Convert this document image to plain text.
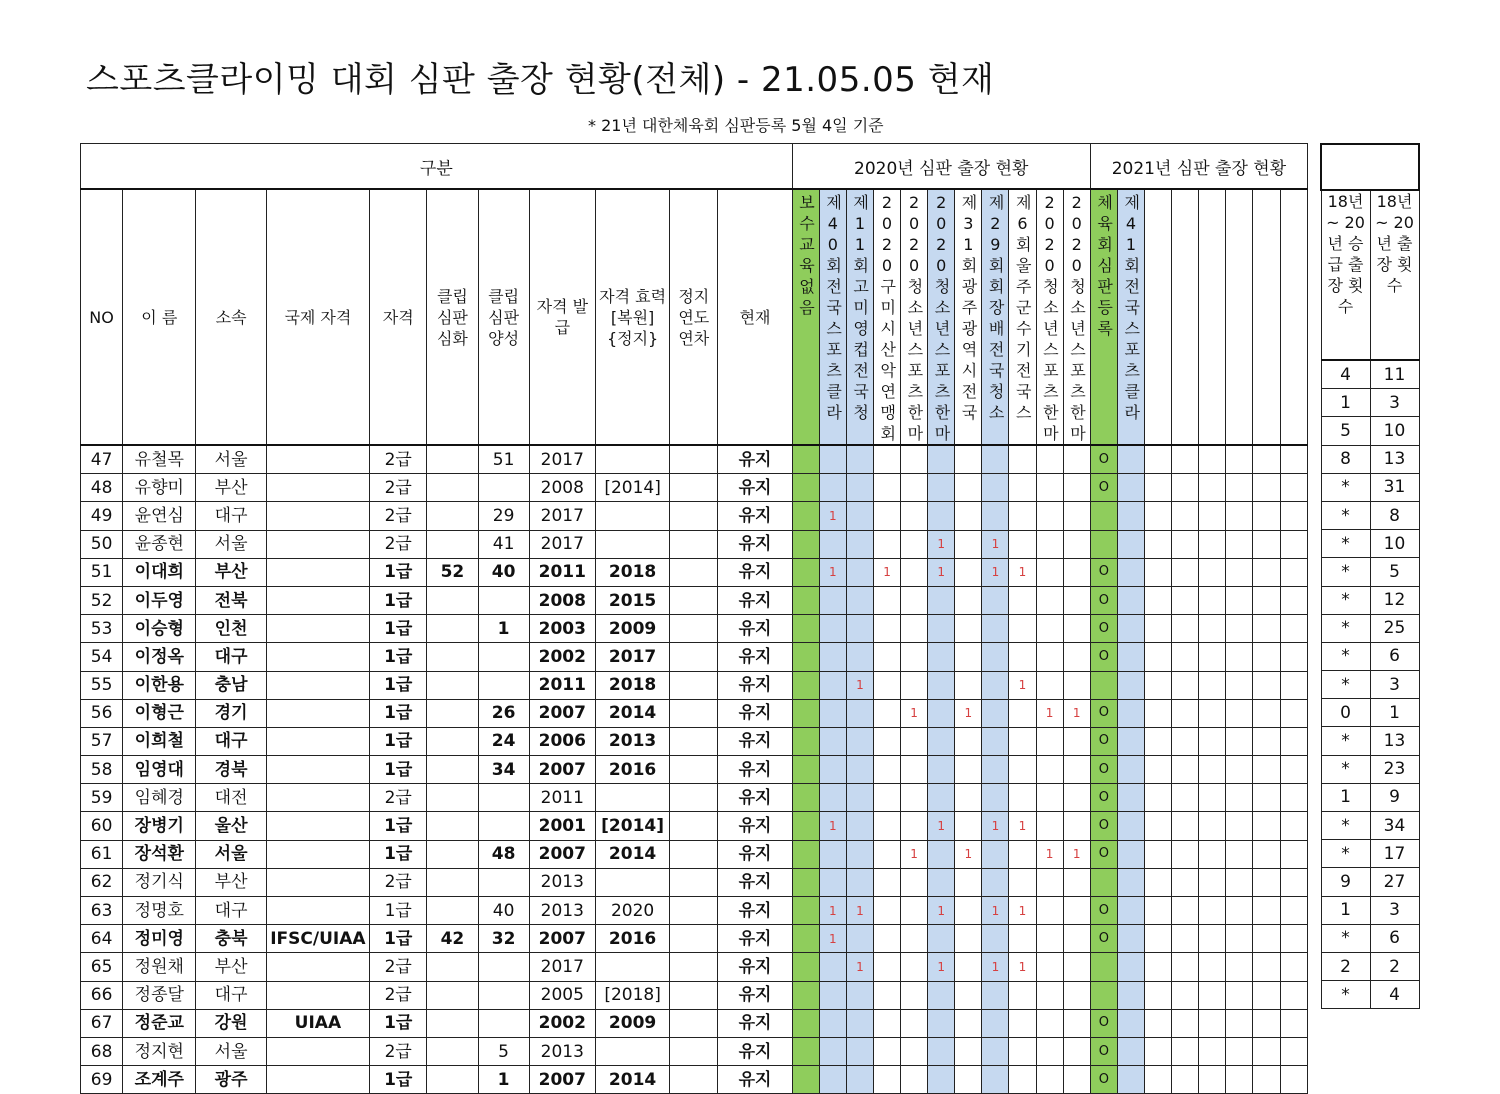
스포츠클라이밍 대회 심판 출장 현황(전체) - 21.05.05 현재
* 21년 대한체육회 심판등록 5월 4일 기준
구분											2020년 심판 출장 현황											2021년 심판 출장 현황							
NO	이 름	소속	국제 자격	자격	클립 심판 심화	클립 심판 양성	자격 발급	자격 효력 [복원] {정지}	정지 연도 연차	현재	보수교육없음	제40회전국스포츠클라	제11회고미영컵전국청	2020구미시산악연맹회	2020청소년스포츠한마	2020청소년스포츠한마	제31회광주광역시전국	제29회회장배전국청소	제6회울주군수기전국스	2020청소년스포츠한마	2020청소년스포츠한마	체육회심판등록	제41회전국스포츠클라						

47	유철목	서울		2급		51	2017			유지												O							
48	유향미	부산		2급			2008	[2014]		유지												O							
49	윤연심	대구		2급		29	2017			유지		1																	
50	윤종현	서울		2급		41	2017			유지						1		1											
51	이대희	부산		1급	52	40	2011	2018		유지		1		1		1		1	1			O							
52	이두영	전북		1급			2008	2015		유지												O							
53	이승형	인천		1급		1	2003	2009		유지												O							
54	이정옥	대구		1급			2002	2017		유지												O							
55	이한용	충남		1급			2011	2018		유지			1						1										
56	이형근	경기		1급		26	2007	2014		유지					1		1			1	1	O							
57	이희철	대구		1급		24	2006	2013		유지												O							
58	임영대	경북		1급		34	2007	2016		유지												O							
59	임혜경	대전		2급			2011			유지												O							
60	장병기	울산		1급			2001	[2014]		유지		1				1		1	1			O							
61	장석환	서울		1급		48	2007	2014		유지					1		1			1	1	O							
62	정기식	부산		2급			2013			유지																			
63	정명호	대구		1급		40	2013	2020		유지		1	1			1		1	1			O							
64	정미영	충북	IFSC/UIAA	1급	42	32	2007	2016		유지		1										O							
65	정원채	부산		2급			2017			유지			1			1		1	1										
66	정종달	대구		2급			2005	[2018]		유지																			
67	정준교	강원	UIAA	1급			2002	2009		유지												O							
68	정지현	서울		2급		5	2013			유지												O							
69	조계주	광주		1급		1	2007	2014		유지												O							

18년 ~ 20년 승급 출장 횟수	18년 ~ 20년 출장 횟수
4	11
1	3
5	10
8	13
*	31
*	8
*	10
*	5
*	12
*	25
*	6
*	3
0	1
*	13
*	23
1	9
*	34
*	17
9	27
1	3
*	6
2	2
*	4
